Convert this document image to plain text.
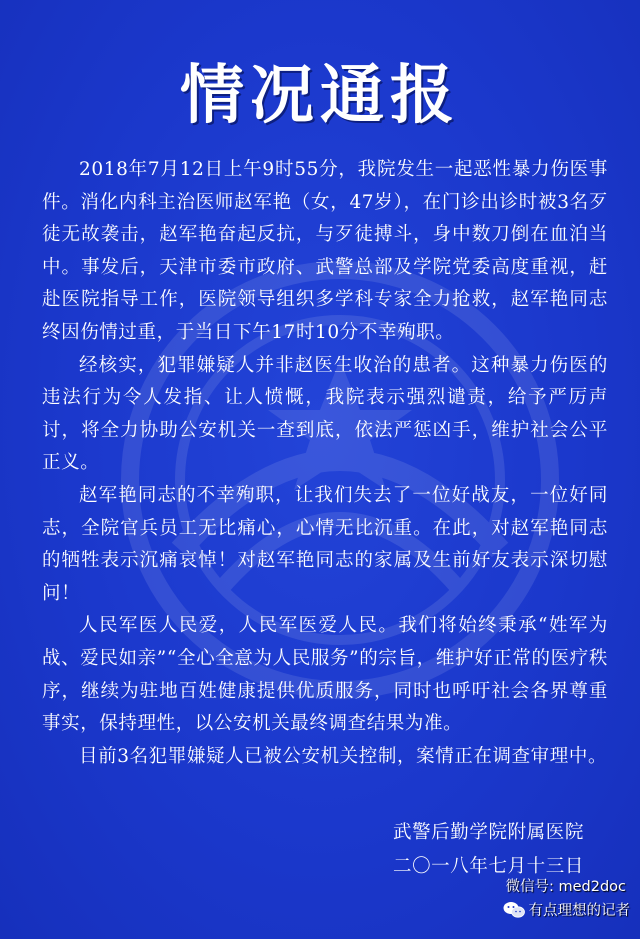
情况通报

2018年7月12日上午9时55分，我院发生一起恶性暴力伤医事件。消化内科主治医师赵军艳（女，47岁），在门诊出诊时被3名歹徒无故袭击，赵军艳奋起反抗，与歹徒搏斗，身中数刀倒在血泊当中。事发后，天津市委市政府、武警总部及学院党委高度重视，赶赴医院指导工作，医院领导组织多学科专家全力抢救，赵军艳同志终因伤情过重，于当日下午17时10分不幸殉职。

经核实，犯罪嫌疑人并非赵医生收治的患者。这种暴力伤医的违法行为令人发指、让人愤慨，我院表示强烈谴责，给予严厉声讨，将全力协助公安机关一查到底，依法严惩凶手，维护社会公平正义。

赵军艳同志的不幸殉职，让我们失去了一位好战友，一位好同志，全院官兵员工无比痛心，心情无比沉重。在此，对赵军艳同志的牺牲表示沉痛哀悼！对赵军艳同志的家属及生前好友表示深切慰问！

人民军医人民爱，人民军医爱人民。我们将始终秉承“姓军为战、爱民如亲”“全心全意为人民服务”的宗旨，维护好正常的医疗秩序，继续为驻地百姓健康提供优质服务，同时也呼吁社会各界尊重事实，保持理性，以公安机关最终调查结果为准。

目前3名犯罪嫌疑人已被公安机关控制，案情正在调查审理中。

武警后勤学院附属医院
二〇一八年七月十三日
微信号: med2doc
有点理想的记者
